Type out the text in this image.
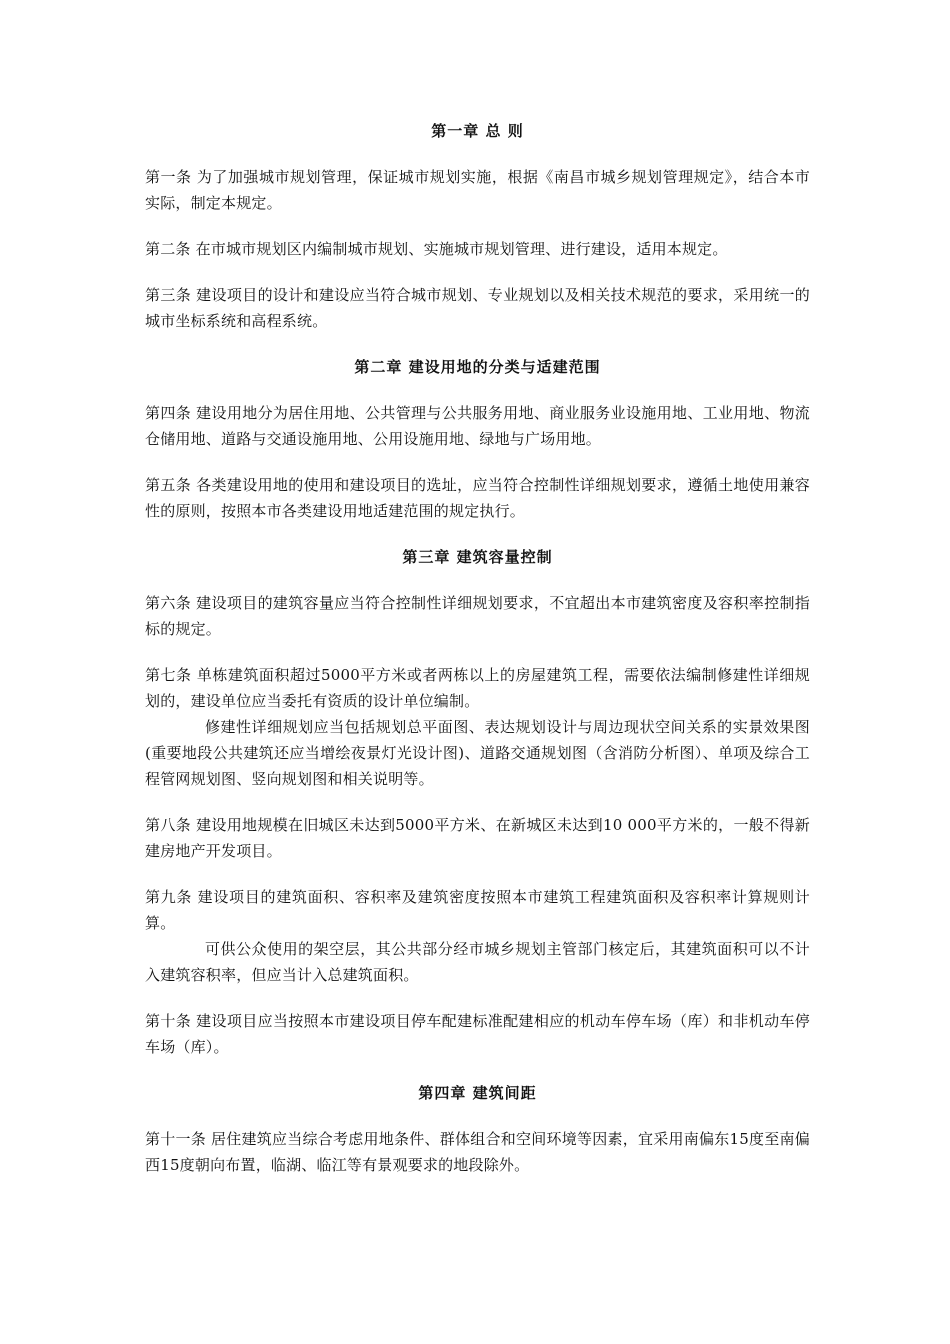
第一章 总 则

第一条 为了加强城市规划管理，保证城市规划实施，根据《南昌市城乡规划管理规定》，结合本市实际，制定本规定。

第二条 在市城市规划区内编制城市规划、实施城市规划管理、进行建设，适用本规定。

第三条 建设项目的设计和建设应当符合城市规划、专业规划以及相关技术规范的要求，采用统一的城市坐标系统和高程系统。

第二章 建设用地的分类与适建范围

第四条 建设用地分为居住用地、公共管理与公共服务用地、商业服务业设施用地、工业用地、物流仓储用地、道路与交通设施用地、公用设施用地、绿地与广场用地。

第五条 各类建设用地的使用和建设项目的选址，应当符合控制性详细规划要求，遵循土地使用兼容性的原则，按照本市各类建设用地适建范围的规定执行。

第三章 建筑容量控制

第六条 建设项目的建筑容量应当符合控制性详细规划要求，不宜超出本市建筑密度及容积率控制指标的规定。

第七条 单栋建筑面积超过5000平方米或者两栋以上的房屋建筑工程，需要依法编制修建性详细规划的，建设单位应当委托有资质的设计单位编制。

修建性详细规划应当包括规划总平面图、表达规划设计与周边现状空间关系的实景效果图(重要地段公共建筑还应当增绘夜景灯光设计图)、道路交通规划图（含消防分析图）、单项及综合工程管网规划图、竖向规划图和相关说明等。

第八条 建设用地规模在旧城区未达到5000平方米、在新城区未达到10 000平方米的，一般不得新建房地产开发项目。

第九条 建设项目的建筑面积、容积率及建筑密度按照本市建筑工程建筑面积及容积率计算规则计算。

可供公众使用的架空层，其公共部分经市城乡规划主管部门核定后，其建筑面积可以不计入建筑容积率，但应当计入总建筑面积。

第十条 建设项目应当按照本市建设项目停车配建标准配建相应的机动车停车场（库）和非机动车停车场（库）。

第四章 建筑间距

第十一条 居住建筑应当综合考虑用地条件、群体组合和空间环境等因素，宜采用南偏东15度至南偏西15度朝向布置，临湖、临江等有景观要求的地段除外。
